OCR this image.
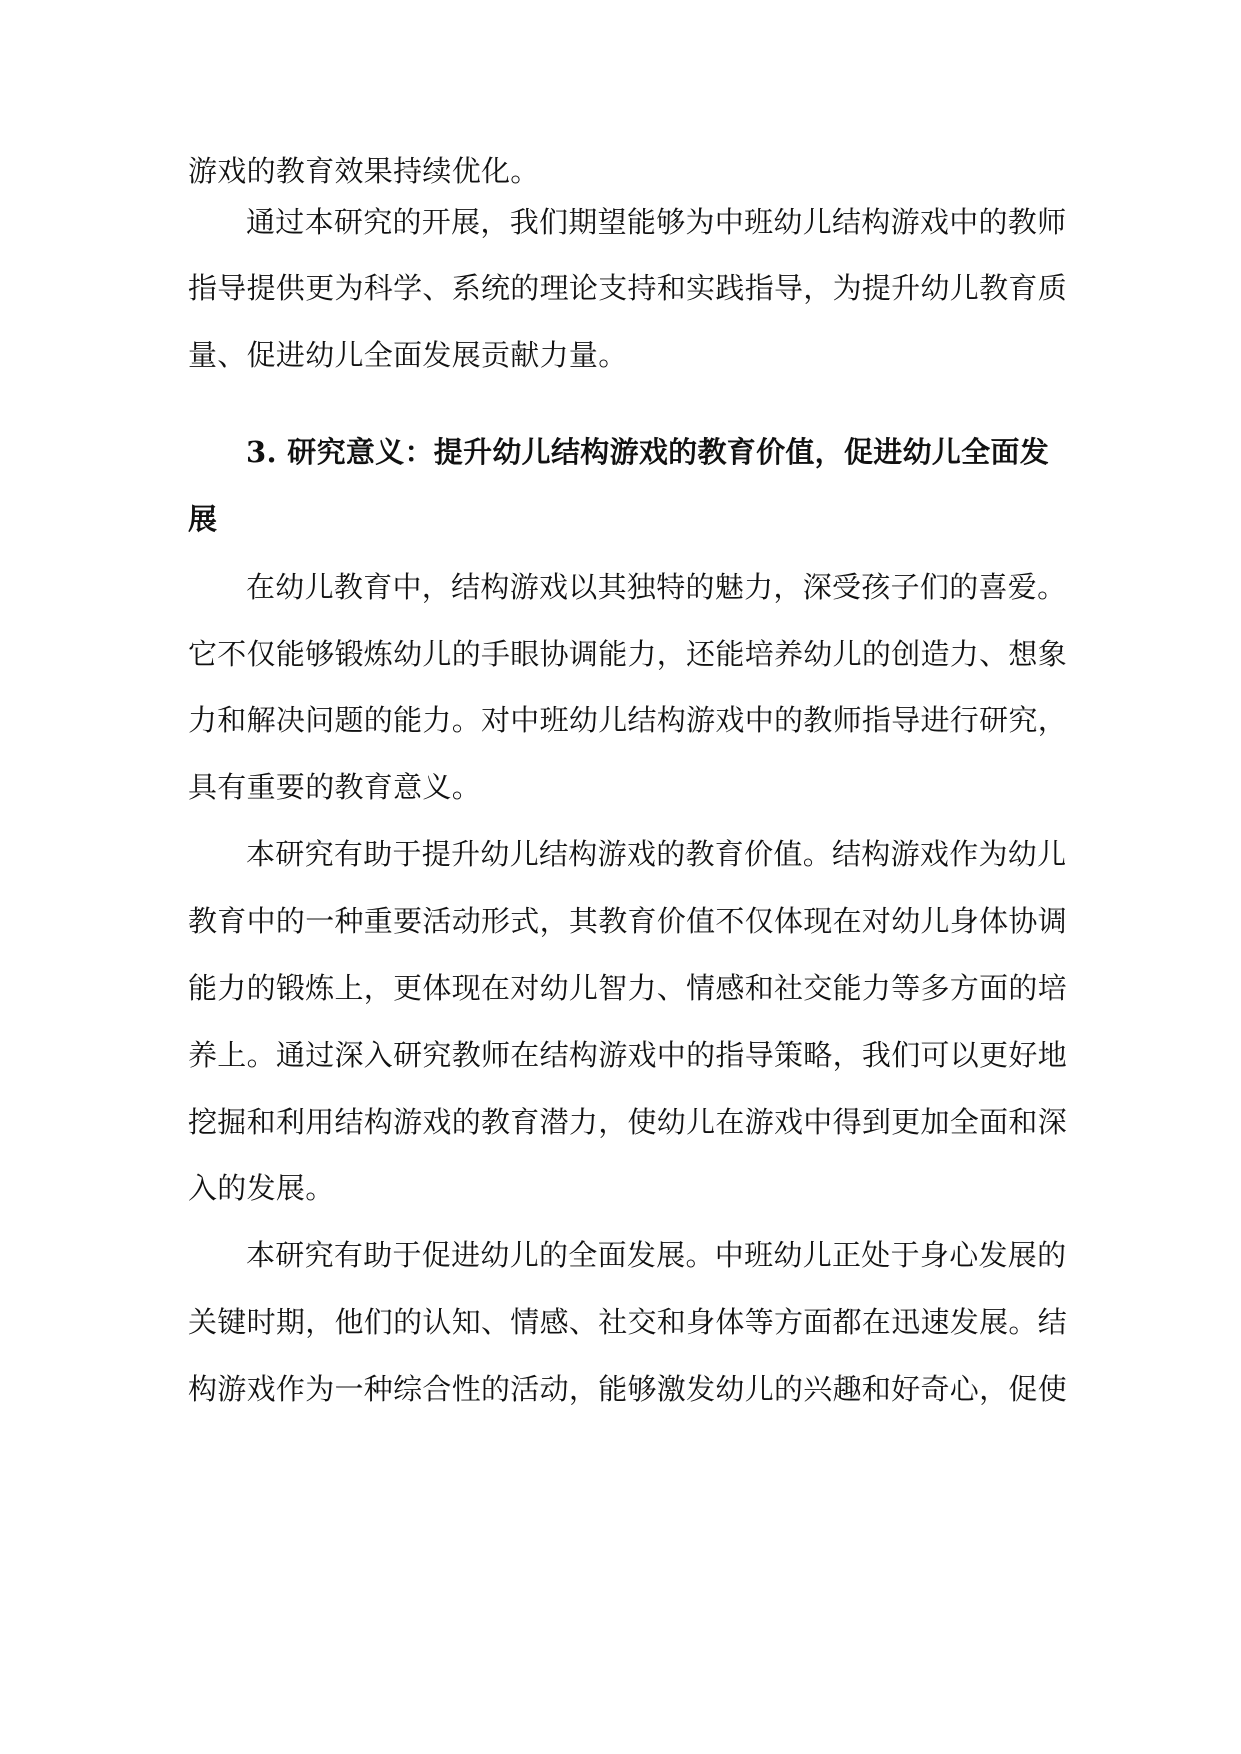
游戏的教育效果持续优化。
通过本研究的开展，我们期望能够为中班幼儿结构游戏中的教师
指导提供更为科学、系统的理论支持和实践指导，为提升幼儿教育质
量、促进幼儿全面发展贡献力量。
3. 研究意义：提升幼儿结构游戏的教育价值，促进幼儿全面发
展
在幼儿教育中，结构游戏以其独特的魅力，深受孩子们的喜爱。
它不仅能够锻炼幼儿的手眼协调能力，还能培养幼儿的创造力、想象
力和解决问题的能力。对中班幼儿结构游戏中的教师指导进行研究，
具有重要的教育意义。
本研究有助于提升幼儿结构游戏的教育价值。结构游戏作为幼儿
教育中的一种重要活动形式，其教育价值不仅体现在对幼儿身体协调
能力的锻炼上，更体现在对幼儿智力、情感和社交能力等多方面的培
养上。通过深入研究教师在结构游戏中的指导策略，我们可以更好地
挖掘和利用结构游戏的教育潜力，使幼儿在游戏中得到更加全面和深
入的发展。
本研究有助于促进幼儿的全面发展。中班幼儿正处于身心发展的
关键时期，他们的认知、情感、社交和身体等方面都在迅速发展。结
构游戏作为一种综合性的活动，能够激发幼儿的兴趣和好奇心，促使
